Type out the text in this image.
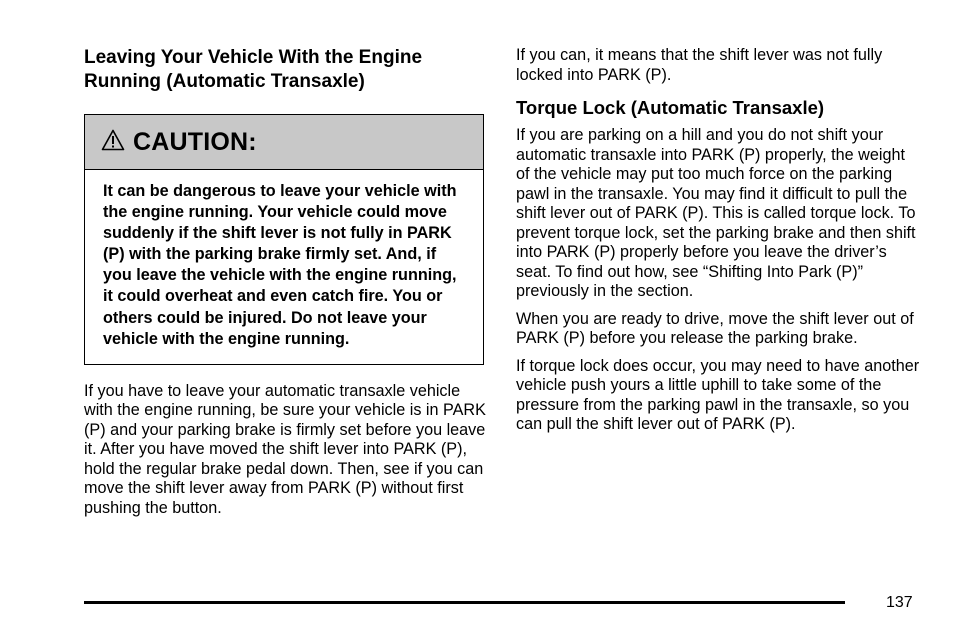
Leaving Your Vehicle With the Engine Running (Automatic Transaxle)
CAUTION:
It can be dangerous to leave your vehicle with the engine running. Your vehicle could move suddenly if the shift lever is not fully in PARK (P) with the parking brake firmly set. And, if you leave the vehicle with the engine running, it could overheat and even catch fire. You or others could be injured. Do not leave your vehicle with the engine running.

If you have to leave your automatic transaxle vehicle with the engine running, be sure your vehicle is in PARK (P) and your parking brake is firmly set before you leave it. After you have moved the shift lever into PARK (P), hold the regular brake pedal down. Then, see if you can move the shift lever away from PARK (P) without first pushing the button.

If you can, it means that the shift lever was not fully locked into PARK (P).

Torque Lock (Automatic Transaxle)

If you are parking on a hill and you do not shift your automatic transaxle into PARK (P) properly, the weight of the vehicle may put too much force on the parking pawl in the transaxle. You may find it difficult to pull the shift lever out of PARK (P). This is called torque lock. To prevent torque lock, set the parking brake and then shift into PARK (P) properly before you leave the driver’s seat. To find out how, see “Shifting Into Park (P)” previously in the section.

When you are ready to drive, move the shift lever out of PARK (P) before you release the parking brake.

If torque lock does occur, you may need to have another vehicle push yours a little uphill to take some of the pressure from the parking pawl in the transaxle, so you can pull the shift lever out of PARK (P).

137
